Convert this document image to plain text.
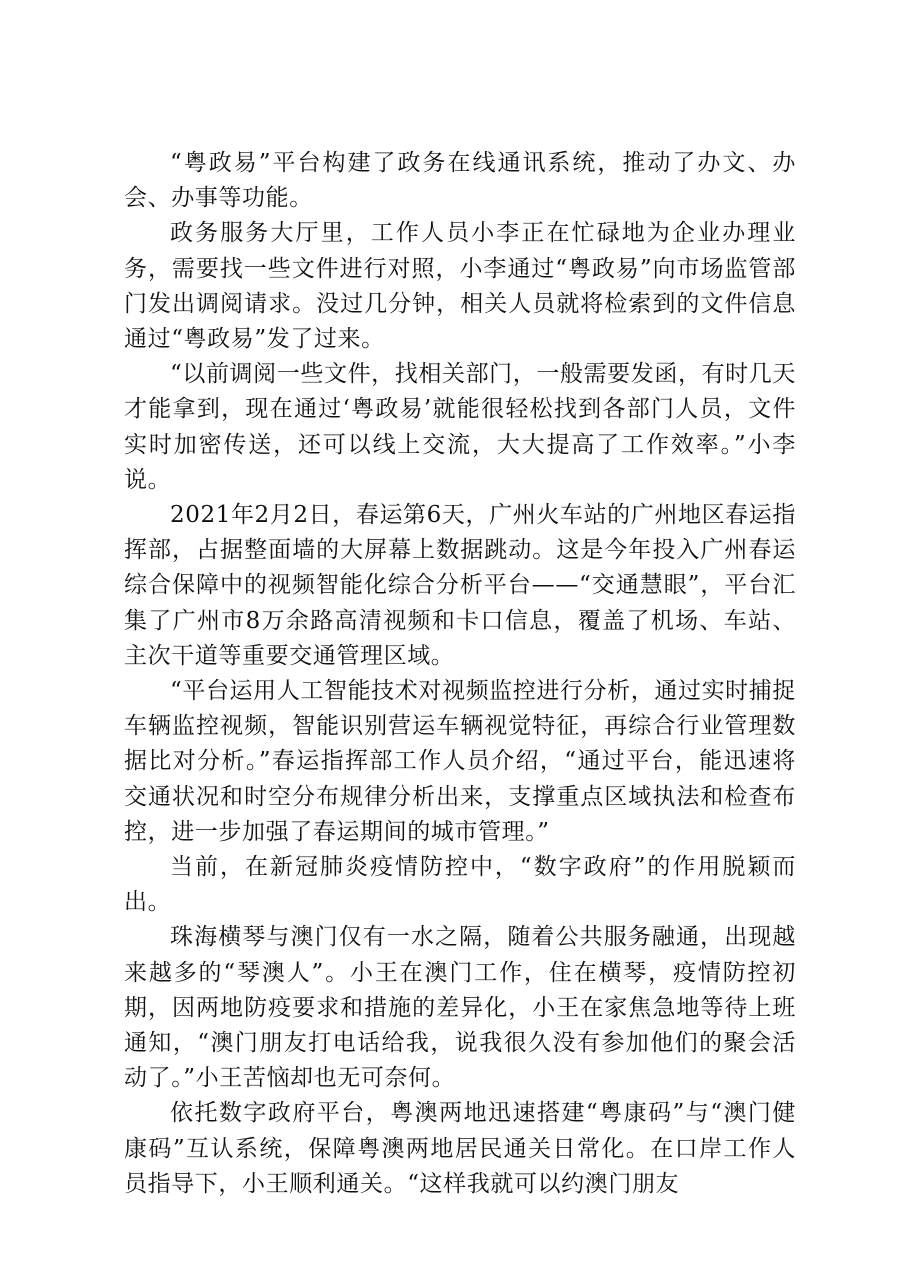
“粤政易”平台构建了政务在线通讯系统，推动了办文、办会、办事等功能。

政务服务大厅里，工作人员小李正在忙碌地为企业办理业务，需要找一些文件进行对照，小李通过“粤政易”向市场监管部门发出调阅请求。没过几分钟，相关人员就将检索到的文件信息通过“粤政易”发了过来。

“以前调阅一些文件，找相关部门，一般需要发函，有时几天才能拿到，现在通过‘粤政易’就能很轻松找到各部门人员，文件实时加密传送，还可以线上交流，大大提高了工作效率。”小李说。

2021年2月2日，春运第6天，广州火车站的广州地区春运指挥部，占据整面墙的大屏幕上数据跳动。这是今年投入广州春运综合保障中的视频智能化综合分析平台——“交通慧眼”，平台汇集了广州市8万余路高清视频和卡口信息，覆盖了机场、车站、主次干道等重要交通管理区域。

“平台运用人工智能技术对视频监控进行分析，通过实时捕捉车辆监控视频，智能识别营运车辆视觉特征，再综合行业管理数据比对分析。”春运指挥部工作人员介绍，“通过平台，能迅速将交通状况和时空分布规律分析出来，支撑重点区域执法和检查布控，进一步加强了春运期间的城市管理。”

当前，在新冠肺炎疫情防控中，“数字政府”的作用脱颖而出。

珠海横琴与澳门仅有一水之隔，随着公共服务融通，出现越来越多的“琴澳人”。小王在澳门工作，住在横琴，疫情防控初期，因两地防疫要求和措施的差异化，小王在家焦急地等待上班通知，“澳门朋友打电话给我，说我很久没有参加他们的聚会活动了。”小王苦恼却也无可奈何。

依托数字政府平台，粤澳两地迅速搭建“粤康码”与“澳门健康码”互认系统，保障粤澳两地居民通关日常化。在口岸工作人员指导下，小王顺利通关。“这样我就可以约澳门朋友
